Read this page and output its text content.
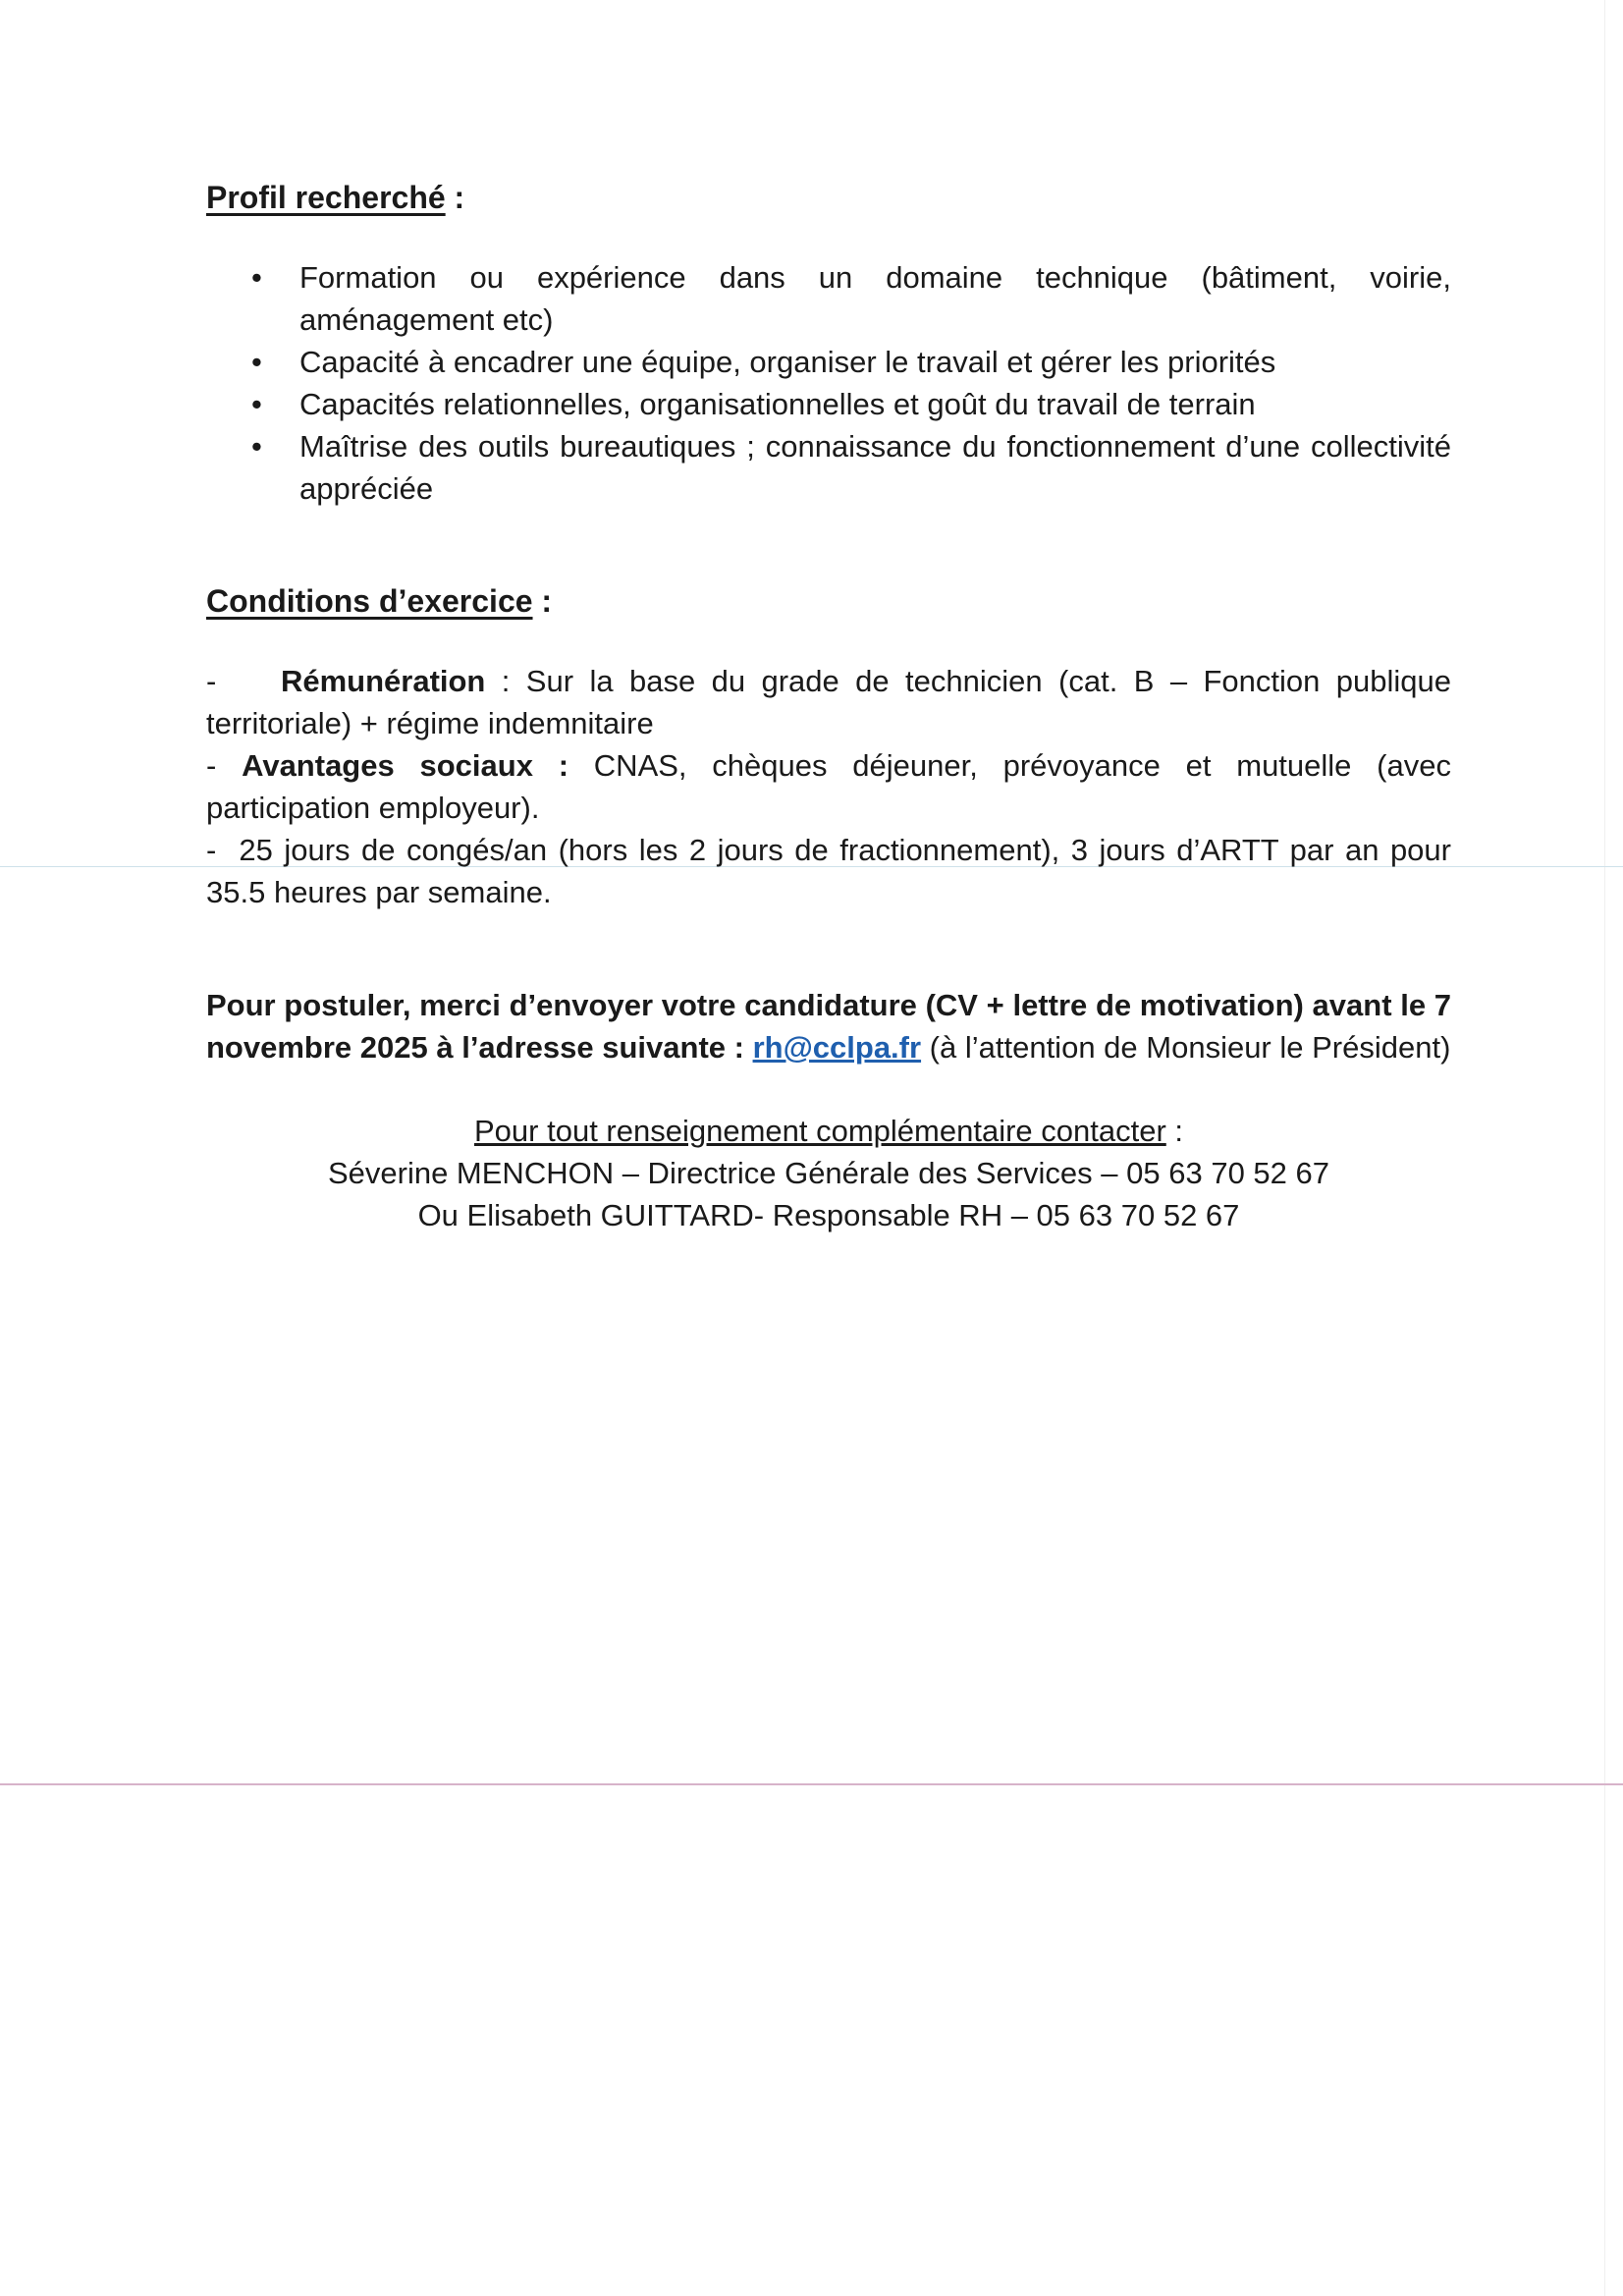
Profil recherché :
• Formation ou expérience dans un domaine technique (bâtiment, voirie, aménagement etc)
• Capacité à encadrer une équipe, organiser le travail et gérer les priorités
• Capacités relationnelles, organisationnelles et goût du travail de terrain
• Maîtrise des outils bureautiques ; connaissance du fonctionnement d’une collectivité appréciée
Conditions d’exercice :

- Rémunération : Sur la base du grade de technicien (cat. B – Fonction publique territoriale) + régime indemnitaire

- Avantages sociaux : CNAS, chèques déjeuner, prévoyance et mutuelle (avec participation employeur).

- 25 jours de congés/an (hors les 2 jours de fractionnement), 3 jours d’ARTT par an pour 35.5 heures par semaine.

Pour postuler, merci d’envoyer votre candidature (CV + lettre de motivation) avant le 7 novembre 2025 à l’adresse suivante : rh@cclpa.fr (à l’attention de Monsieur le Président)

Pour tout renseignement complémentaire contacter :
Séverine MENCHON – Directrice Générale des Services – 05 63 70 52 67
Ou Elisabeth GUITTARD- Responsable RH – 05 63 70 52 67
